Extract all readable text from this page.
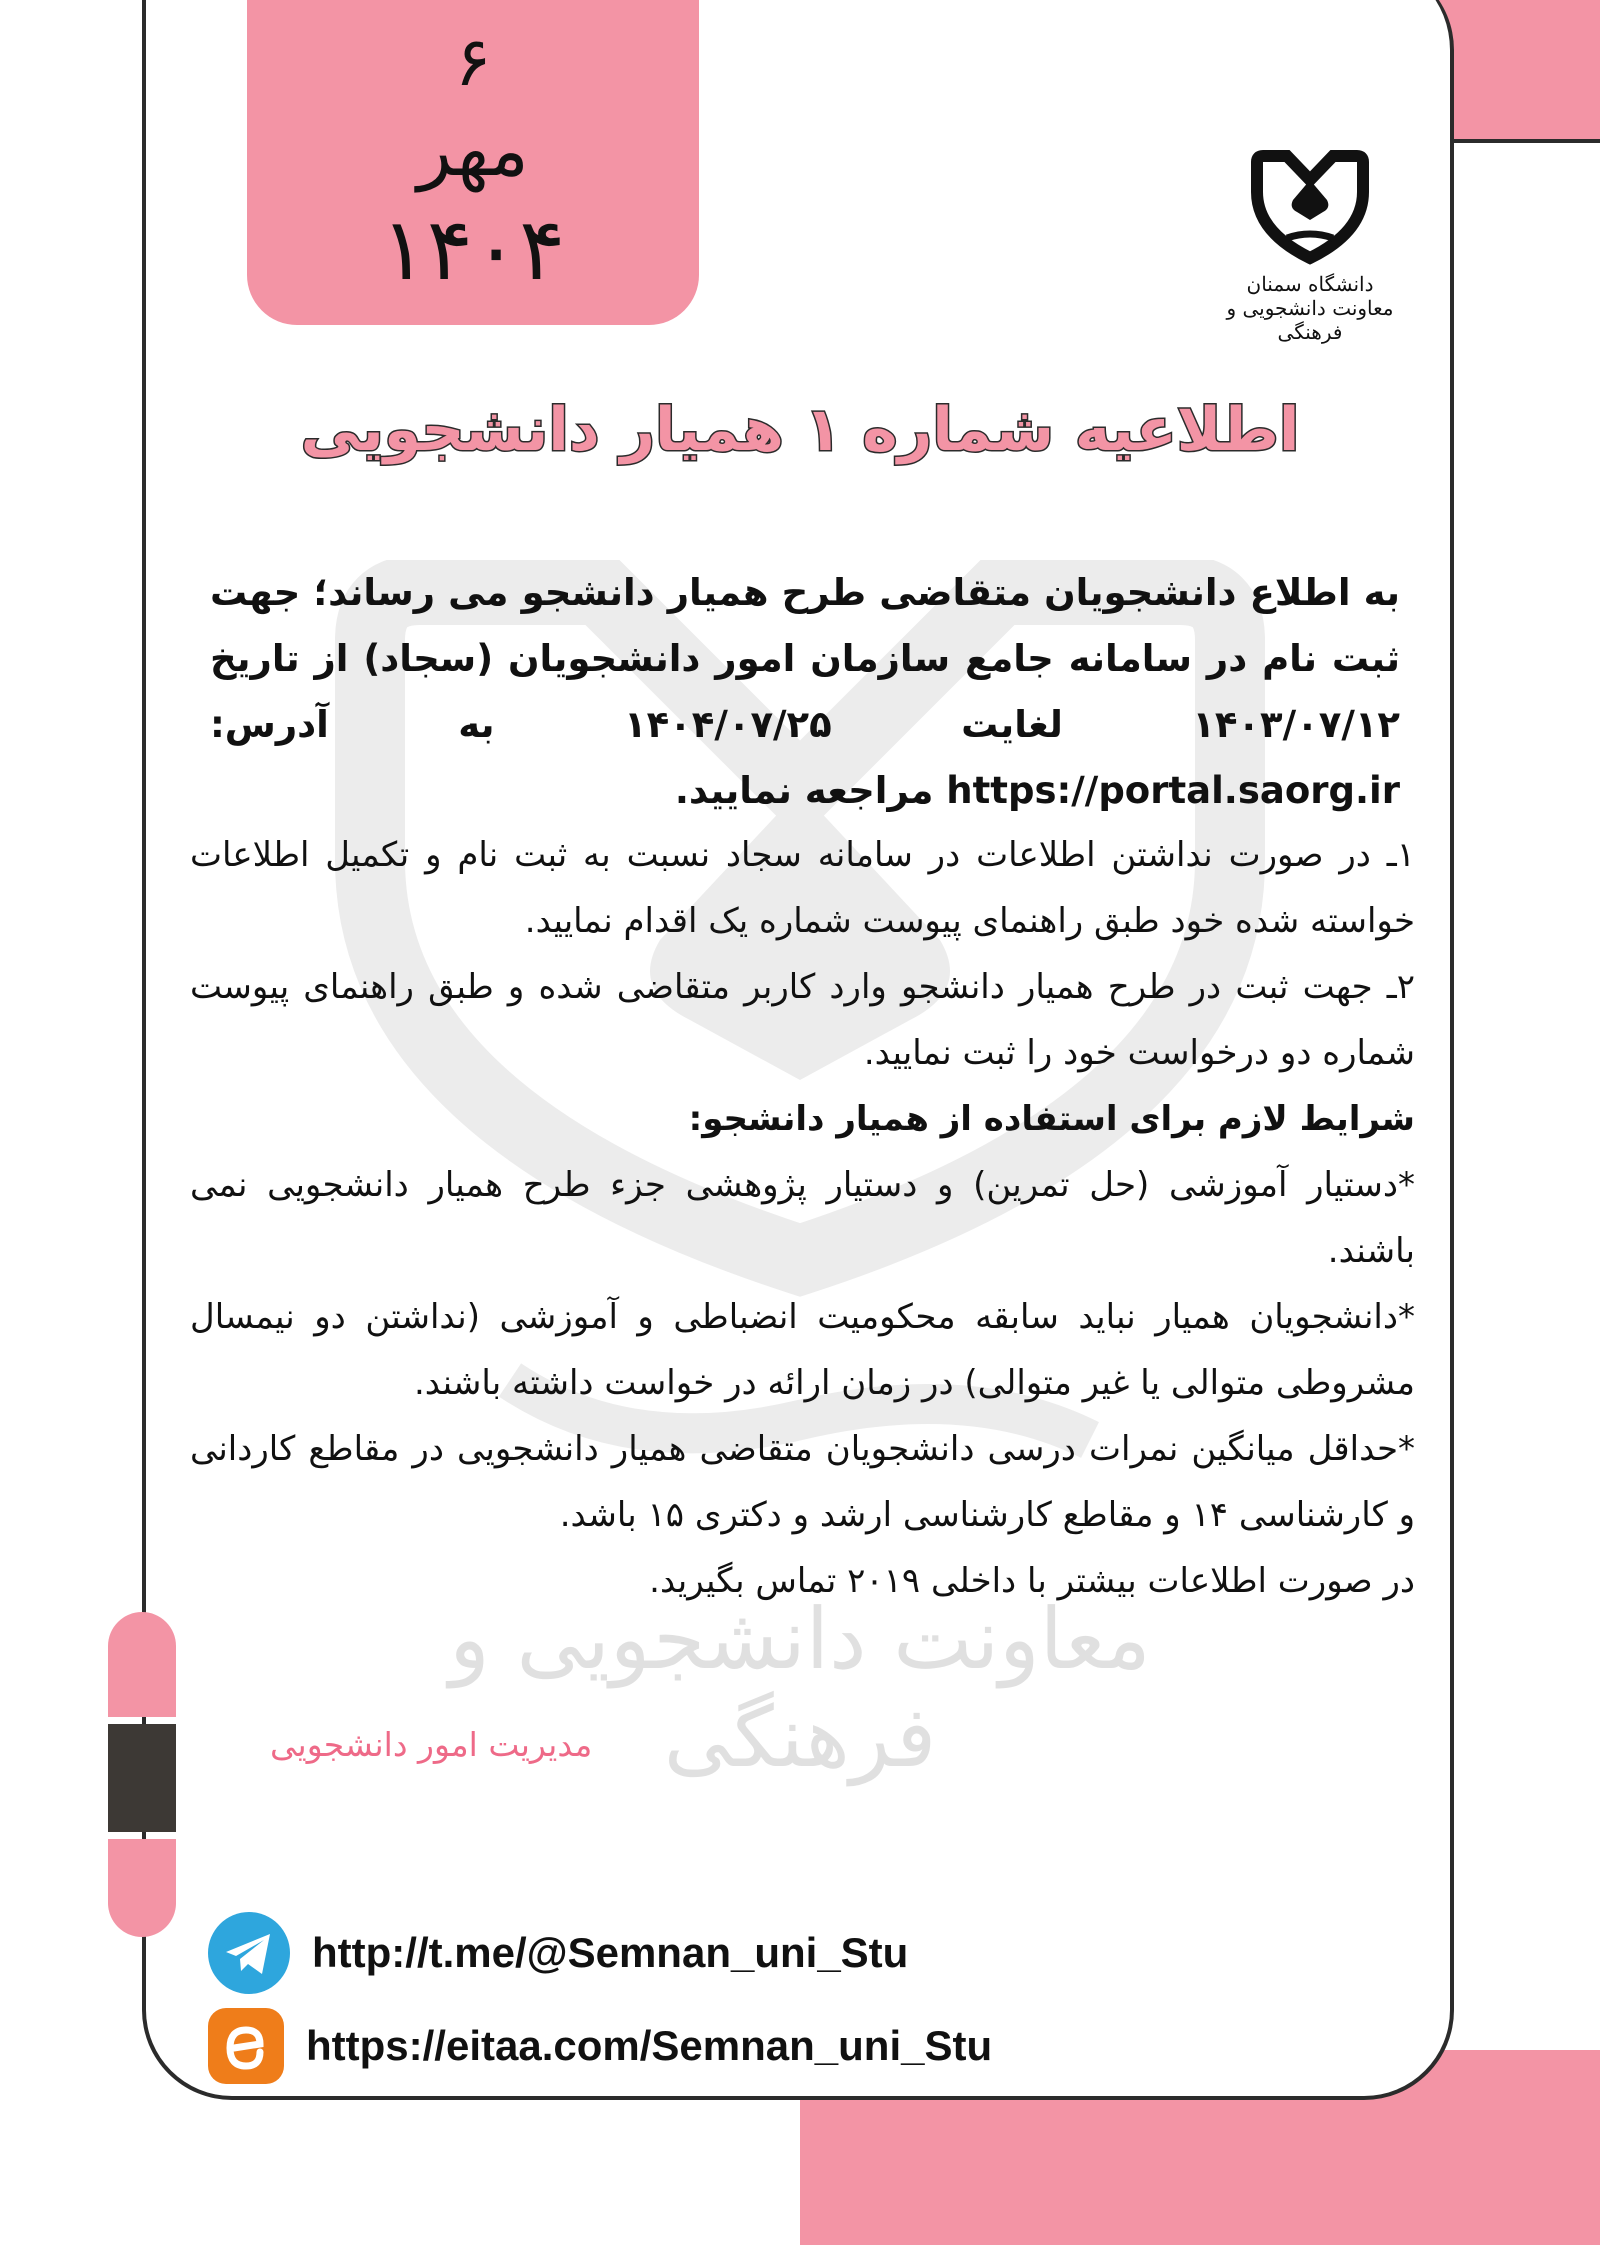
معاونت دانشجویی و فرهنگی
۶
مهر
۱۴۰۴	دانشگاه سمنان
معاونت دانشجویی و فرهنگی
اطلاعیه شماره ۱ همیار دانشجویی
به اطلاع دانشجویان متقاضی طرح همیار دانشجو می رساند؛ جهت ثبت نام در سامانه جامع سازمان امور دانشجویان (سجاد) از تاریخ ۱۴۰۳/۰۷/۱۲ لغایت ۱۴۰۴/۰۷/۲۵ به آدرس: https://portal.saorg.ir مراجعه نمایید.

۱ـ در صورت نداشتن اطلاعات در سامانه سجاد نسبت به ثبت نام و تکمیل اطلاعات خواسته شده خود طبق راهنمای پیوست شماره یک اقدام نمایید.

۲ـ جهت ثبت در طرح همیار دانشجو وارد کاربر متقاضی شده و طبق راهنمای پیوست شماره دو درخواست خود را ثبت نمایید.

شرایط لازم برای استفاده از همیار دانشجو:

*دستیار آموزشی (حل تمرین) و دستیار پژوهشی جزء طرح همیار دانشجویی نمی باشند.

*دانشجویان همیار نباید سابقه محکومیت انضباطی و آموزشی (نداشتن دو نیمسال مشروطی متوالی یا غیر متوالی) در زمان ارائه در خواست داشته باشند.

*حداقل میانگین نمرات درسی دانشجویان متقاضی همیار دانشجویی در مقاطع کاردانی و کارشناسی ۱۴ و مقاطع کارشناسی ارشد و دکتری ۱۵ باشد.

در صورت اطلاعات بیشتر با داخلی ۲۰۱۹ تماس بگیرید.

مدیریت امور دانشجویی
http://t.me/@Semnan_uni_Stu
https://eitaa.com/Semnan_uni_Stu
